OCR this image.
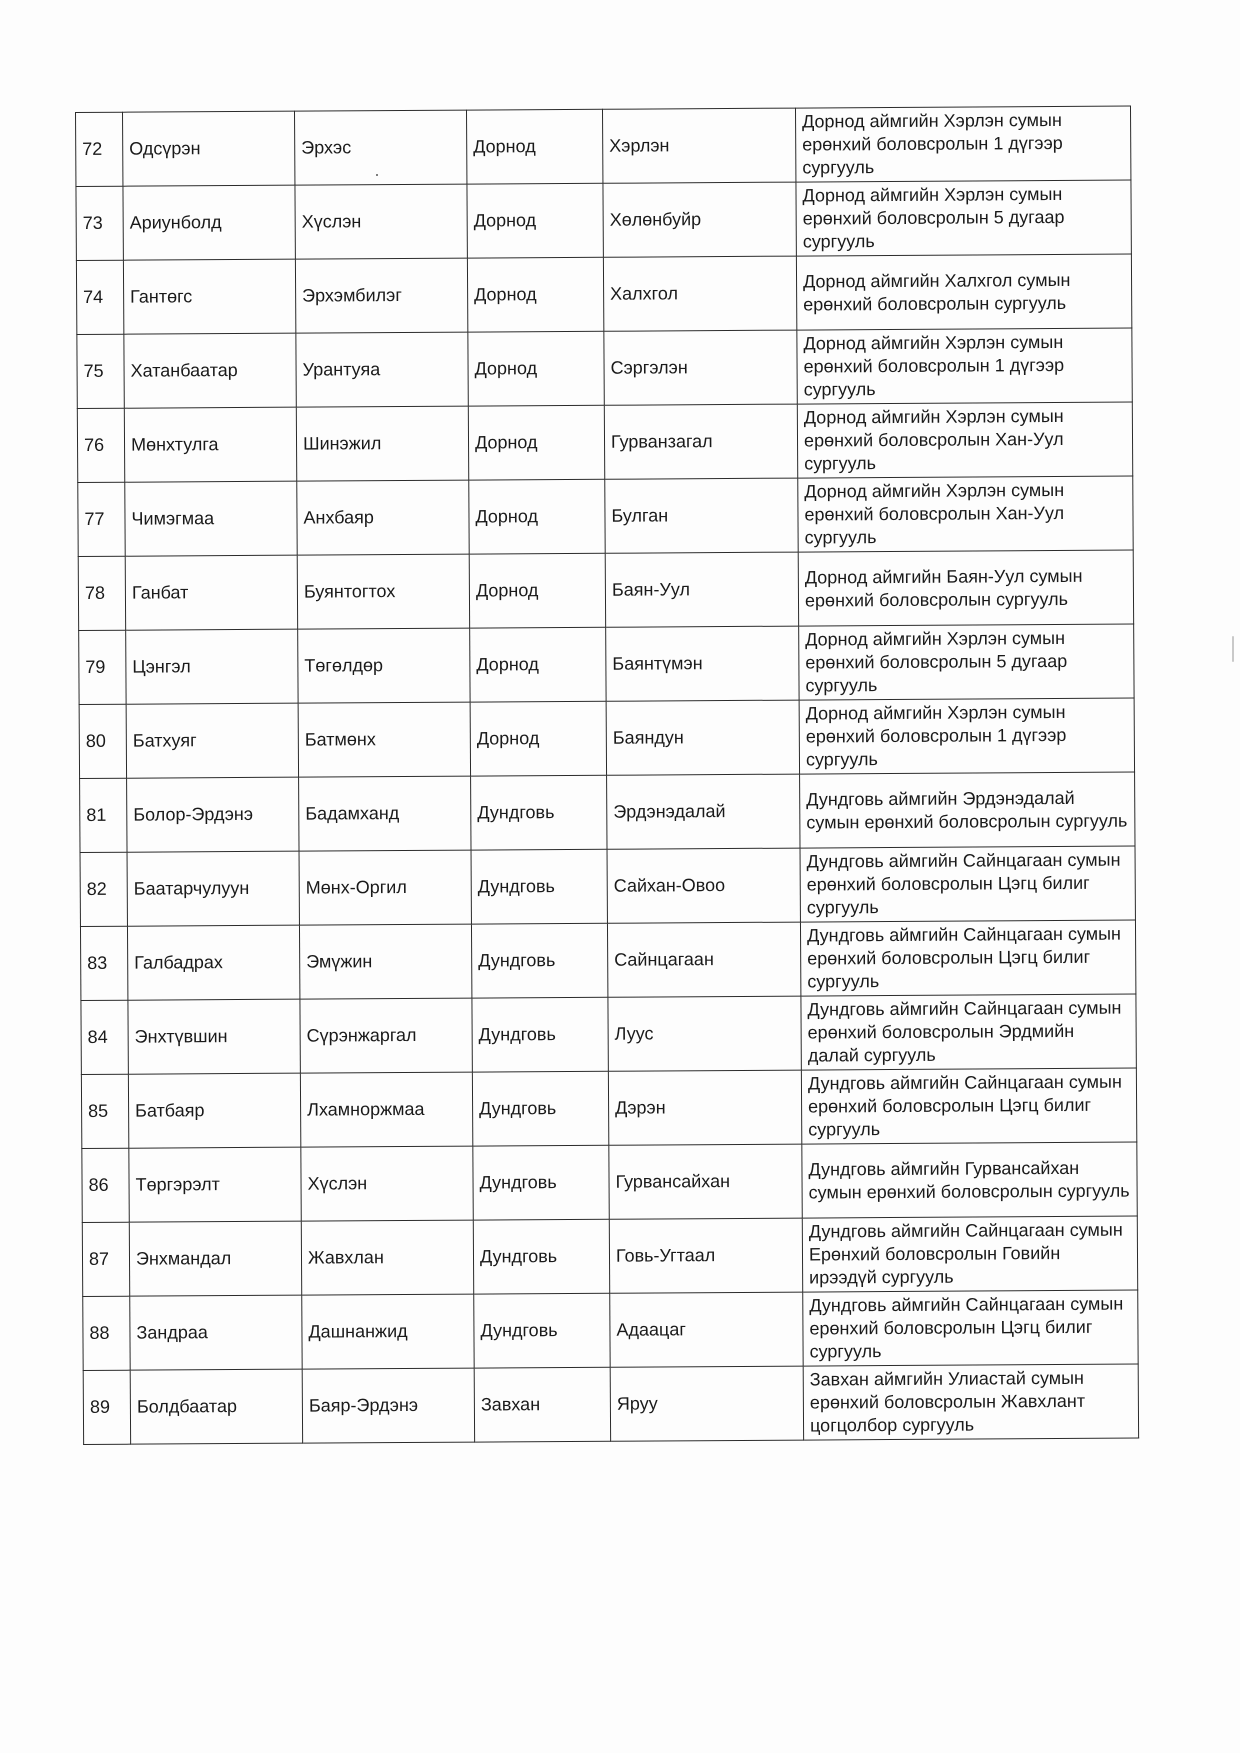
72	Одсүрэн	Эрхэс	Дорнод	Хэрлэн	Дорнод аймгийн Хэрлэн сумын ерөнхий боловсролын 1 дүгээр сургууль
73	Ариунболд	Хүслэн	Дорнод	Хөлөнбуйр	Дорнод аймгийн Хэрлэн сумын ерөнхий боловсролын 5 дугаар сургууль
74	Гантөгс	Эрхэмбилэг	Дорнод	Халхгол	Дорнод аймгийн Халхгол сумын ерөнхий боловсролын сургууль
75	Хатанбаатар	Урантуяа	Дорнод	Сэргэлэн	Дорнод аймгийн Хэрлэн сумын ерөнхий боловсролын 1 дүгээр сургууль
76	Мөнхтулга	Шинэжил	Дорнод	Гурванзагал	Дорнод аймгийн Хэрлэн сумын ерөнхий боловсролын Хан-Уул сургууль
77	Чимэгмаа	Анхбаяр	Дорнод	Булган	Дорнод аймгийн Хэрлэн сумын ерөнхий боловсролын Хан-Уул сургууль
78	Ганбат	Буянтогтох	Дорнод	Баян-Уул	Дорнод аймгийн Баян-Уул сумын ерөнхий боловсролын сургууль
79	Цэнгэл	Төгөлдөр	Дорнод	Баянтүмэн	Дорнод аймгийн Хэрлэн сумын ерөнхий боловсролын 5 дугаар сургууль
80	Батхуяг	Батмөнх	Дорнод	Баяндун	Дорнод аймгийн Хэрлэн сумын ерөнхий боловсролын 1 дүгээр сургууль
81	Болор-Эрдэнэ	Бадамханд	Дундговь	Эрдэнэдалай	Дундговь аймгийн Эрдэнэдалай сумын ерөнхий боловсролын сургууль
82	Баатарчулуун	Мөнх-Оргил	Дундговь	Сайхан-Овоо	Дундговь аймгийн Сайнцагаан сумын ерөнхий боловсролын Цэгц билиг сургууль
83	Галбадрах	Эмүжин	Дундговь	Сайнцагаан	Дундговь аймгийн Сайнцагаан сумын ерөнхий боловсролын Цэгц билиг сургууль
84	Энхтүвшин	Сүрэнжаргал	Дундговь	Луус	Дундговь аймгийн Сайнцагаан сумын ерөнхий боловсролын Эрдмийн далай сургууль
85	Батбаяр	Лхамноржмаа	Дундговь	Дэрэн	Дундговь аймгийн Сайнцагаан сумын ерөнхий боловсролын Цэгц билиг сургууль
86	Төргэрэлт	Хүслэн	Дундговь	Гурвансайхан	Дундговь аймгийн Гурвансайхан сумын ерөнхий боловсролын сургууль
87	Энхмандал	Жавхлан	Дундговь	Говь-Угтаал	Дундговь аймгийн Сайнцагаан сумын Ерөнхий боловсролын Говийн ирээдүй сургууль
88	Зандраа	Дашнанжид	Дундговь	Адаацаг	Дундговь аймгийн Сайнцагаан сумын ерөнхий боловсролын Цэгц билиг сургууль
89	Болдбаатар	Баяр-Эрдэнэ	Завхан	Яруу	Завхан аймгийн Улиастай сумын ерөнхий боловсролын Жавхлант цогцолбор сургууль
